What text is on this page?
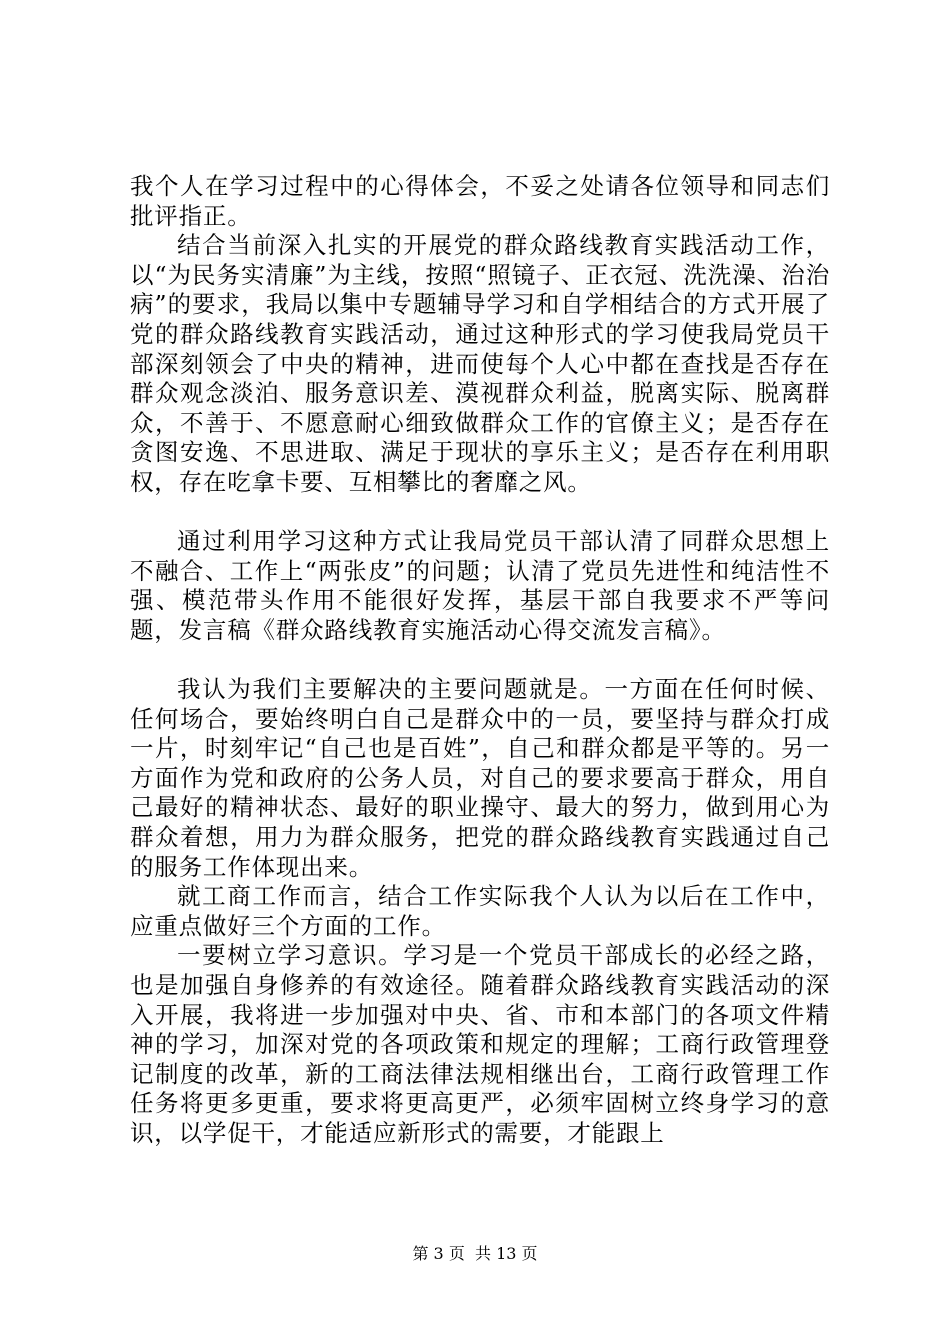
我个人在学习过程中的心得体会，不妥之处请各位领导和同志们批评指正。

结合当前深入扎实的开展党的群众路线教育实践活动工作，以“为民务实清廉”为主线，按照“照镜子、正衣冠、洗洗澡、治治病”的要求，我局以集中专题辅导学习和自学相结合的方式开展了党的群众路线教育实践活动，通过这种形式的学习使我局党员干部深刻领会了中央的精神，进而使每个人心中都在查找是否存在群众观念淡泊、服务意识差、漠视群众利益，脱离实际、脱离群众，不善于、不愿意耐心细致做群众工作的官僚主义；是否存在贪图安逸、不思进取、满足于现状的享乐主义；是否存在利用职权，存在吃拿卡要、互相攀比的奢靡之风。

通过利用学习这种方式让我局党员干部认清了同群众思想上不融合、工作上“两张皮”的问题；认清了党员先进性和纯洁性不强、模范带头作用不能很好发挥，基层干部自我要求不严等问题，发言稿《群众路线教育实施活动心得交流发言稿》。

我认为我们主要解决的主要问题就是。一方面在任何时候、任何场合，要始终明白自己是群众中的一员，要坚持与群众打成一片，时刻牢记“自己也是百姓”，自己和群众都是平等的。另一方面作为党和政府的公务人员，对自己的要求要高于群众，用自己最好的精神状态、最好的职业操守、最大的努力，做到用心为群众着想，用力为群众服务，把党的群众路线教育实践通过自己的服务工作体现出来。

就工商工作而言，结合工作实际我个人认为以后在工作中，应重点做好三个方面的工作。

一要树立学习意识。学习是一个党员干部成长的必经之路，也是加强自身修养的有效途径。随着群众路线教育实践活动的深入开展，我将进一步加强对中央、省、市和本部门的各项文件精神的学习，加深对党的各项政策和规定的理解；工商行政管理登记制度的改革，新的工商法律法规相继出台，工商行政管理工作任务将更多更重，要求将更高更严，必须牢固树立终身学习的意识，以学促干，才能适应新形式的需要，才能跟上

第 3 页  共 13 页
